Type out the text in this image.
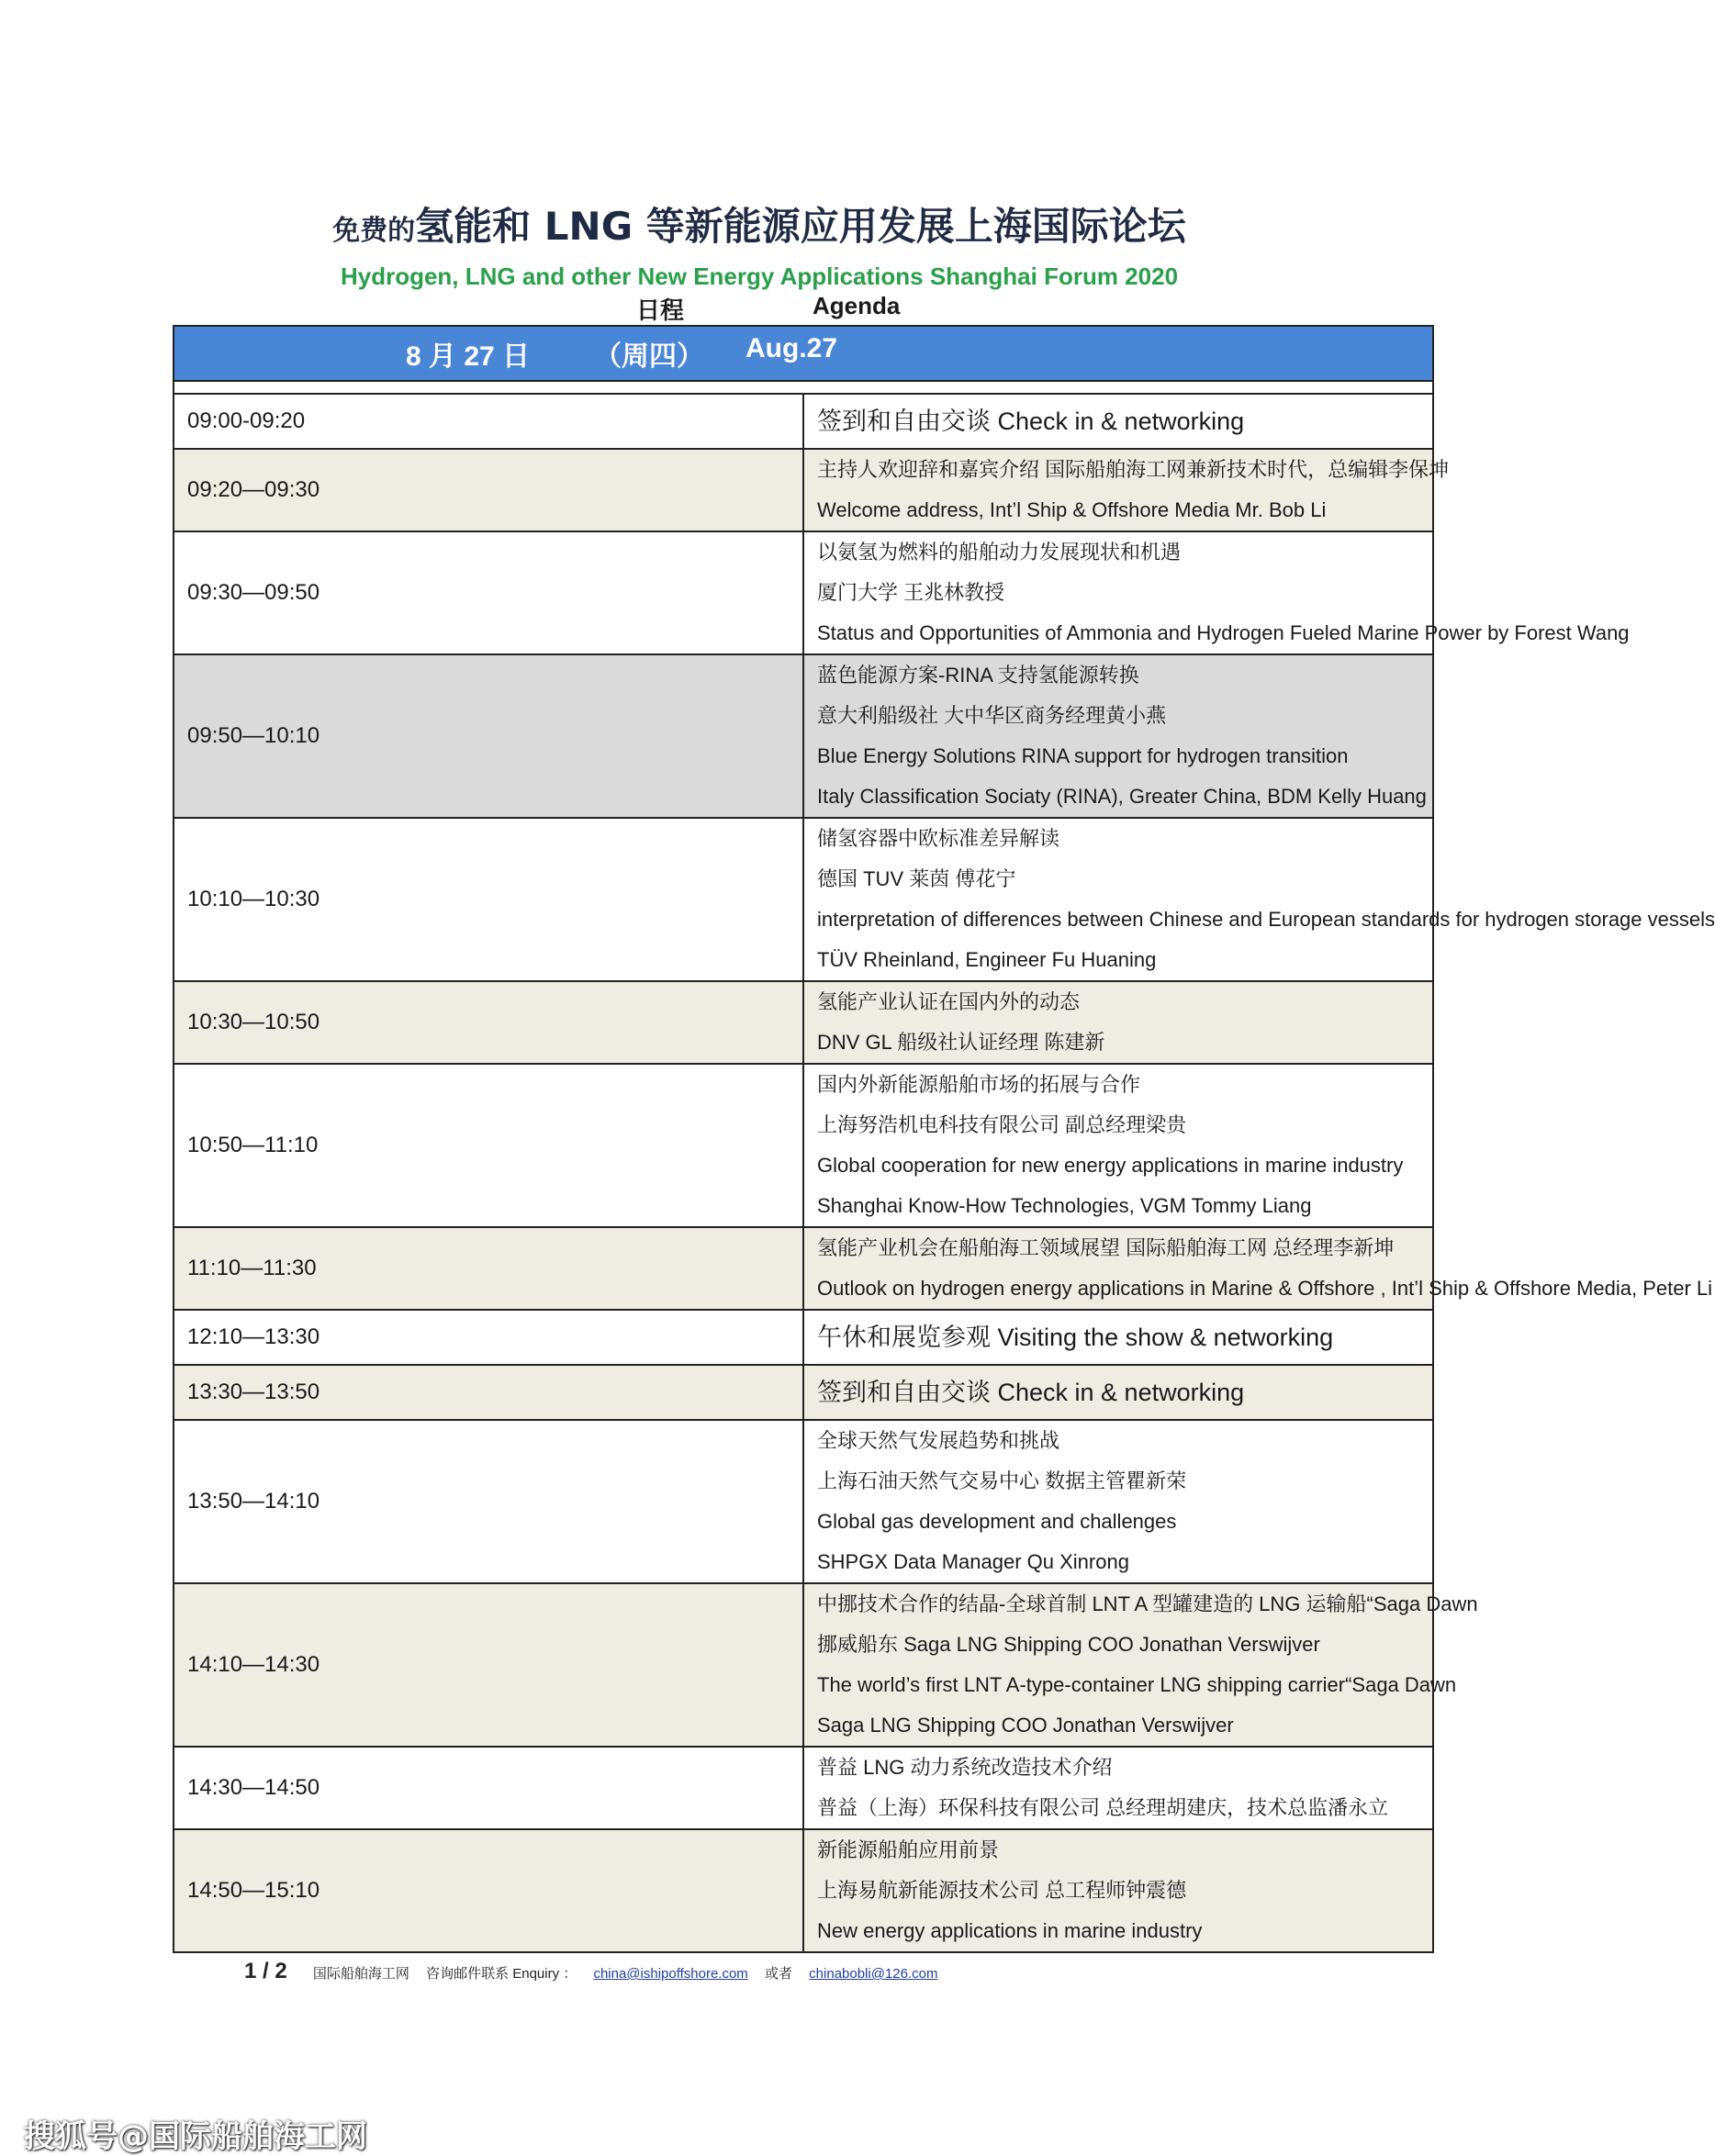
免费的氢能和 LNG 等新能源应用发展上海国际论坛
Hydrogen, LNG and other New Energy Applications Shanghai Forum 2020
日程	Agenda
8 月 27 日 （周四） Aug.27	

09:00-09:20	签到和自由交谈 Check in & networking

09:20—09:30	主持人欢迎辞和嘉宾介绍 国际船舶海工网兼新技术时代，总编辑李保坤
Welcome address, Int’l Ship & Offshore Media Mr. Bob Li

09:30—09:50	以氨氢为燃料的船舶动力发展现状和机遇
厦门大学 王兆林教授
Status and Opportunities of Ammonia and Hydrogen Fueled Marine Power by Forest Wang

09:50—10:10	蓝色能源方案-RINA 支持氢能源转换
意大利船级社 大中华区商务经理黄小燕
Blue Energy Solutions RINA support for hydrogen transition
Italy Classification Sociaty (RINA), Greater China, BDM Kelly Huang

10:10—10:30	储氢容器中欧标准差异解读
德国 TUV 莱茵 傅花宁
interpretation of differences between Chinese and European standards for hydrogen storage vessels
TÜV Rheinland, Engineer Fu Huaning

10:30—10:50	氢能产业认证在国内外的动态
DNV GL 船级社认证经理 陈建新

10:50—11:10	国内外新能源船舶市场的拓展与合作
上海努浩机电科技有限公司 副总经理梁贵
Global cooperation for new energy applications in marine industry
Shanghai Know-How Technologies, VGM Tommy Liang

11:10—11:30	氢能产业机会在船舶海工领域展望 国际船舶海工网 总经理李新坤
Outlook on hydrogen energy applications in Marine & Offshore , Int’l Ship & Offshore Media, Peter Li

12:10—13:30	午休和展览参观 Visiting the show & networking

13:30—13:50	签到和自由交谈 Check in & networking

13:50—14:10	全球天然气发展趋势和挑战
上海石油天然气交易中心 数据主管瞿新荣
Global gas development and challenges
SHPGX Data Manager Qu Xinrong

14:10—14:30	中挪技术合作的结晶-全球首制 LNT A 型罐建造的 LNG 运输船“Saga Dawn
挪威船东 Saga LNG Shipping COO Jonathan Verswijver
The world’s first LNT A-type-container LNG shipping carrier“Saga Dawn
Saga LNG Shipping COO Jonathan Verswijver

14:30—14:50	普益 LNG 动力系统改造技术介绍
普益（上海）环保科技有限公司 总经理胡建庆，技术总监潘永立

14:50—15:10	新能源船舶应用前景
上海易航新能源技术公司 总工程师钟震德
New energy applications in marine industry
1 / 2 国际船舶海工网 咨询邮件联系 Enquiry ： china@ishipoffshore.com 或者 chinabobli@126.com
搜狐号@国际船舶海工网
